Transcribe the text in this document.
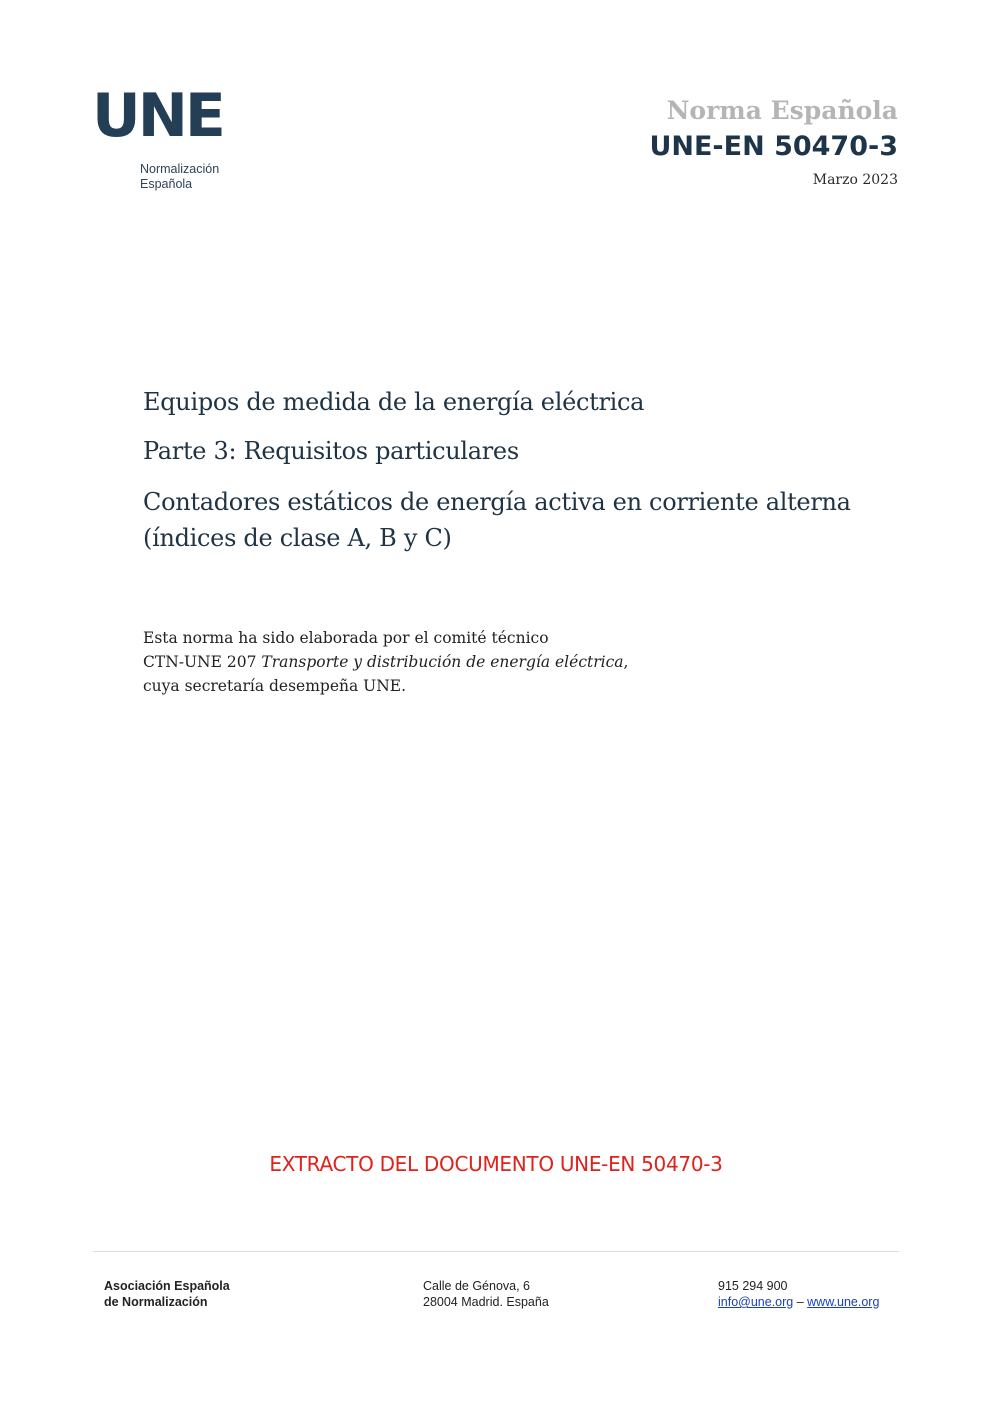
UNE
Normalización
Española
Norma Española
UNE-EN 50470-3
Marzo 2023
Equipos de medida de la energía eléctrica
Parte 3: Requisitos particulares
Contadores estáticos de energía activa en corriente alterna
(índices de clase A, B y C)
Esta norma ha sido elaborada por el comité técnico
CTN-UNE 207 Transporte y distribución de energía eléctrica,
cuya secretaría desempeña UNE.
EXTRACTO DEL DOCUMENTO UNE-EN 50470-3
Asociación Española
de Normalización
Calle de Génova, 6
28004 Madrid. España
915 294 900
info@une.org – www.une.org
